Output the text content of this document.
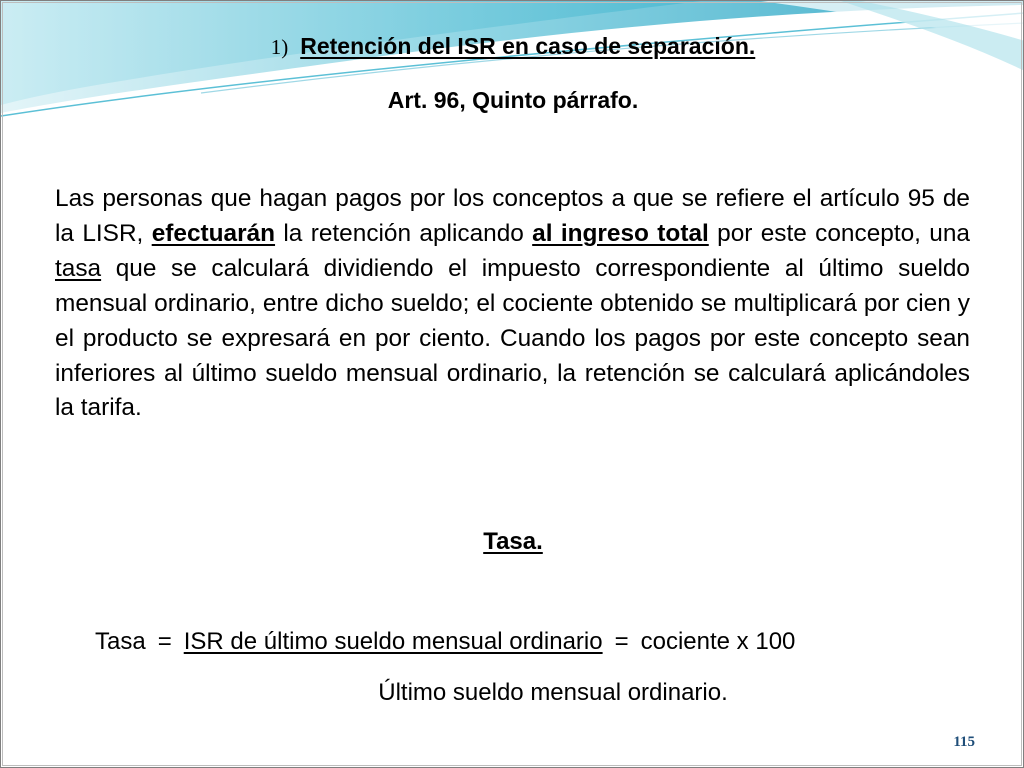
1) Retención del ISR en caso de separación.
Art. 96, Quinto párrafo.
Las personas que hagan pagos por los conceptos a que se refiere el artículo 95 de la LISR, efectuarán la retención aplicando al ingreso total por este concepto, una tasa que se calculará dividiendo el impuesto correspondiente al último sueldo mensual ordinario, entre dicho sueldo; el cociente obtenido se multiplicará por cien y el producto se expresará en por ciento. Cuando los pagos por este concepto sean inferiores al último sueldo mensual ordinario, la retención se calculará aplicándoles la tarifa.
Tasa.
Tasa = ISR de último sueldo mensual ordinario = cociente x 100
Último sueldo mensual ordinario.
115
